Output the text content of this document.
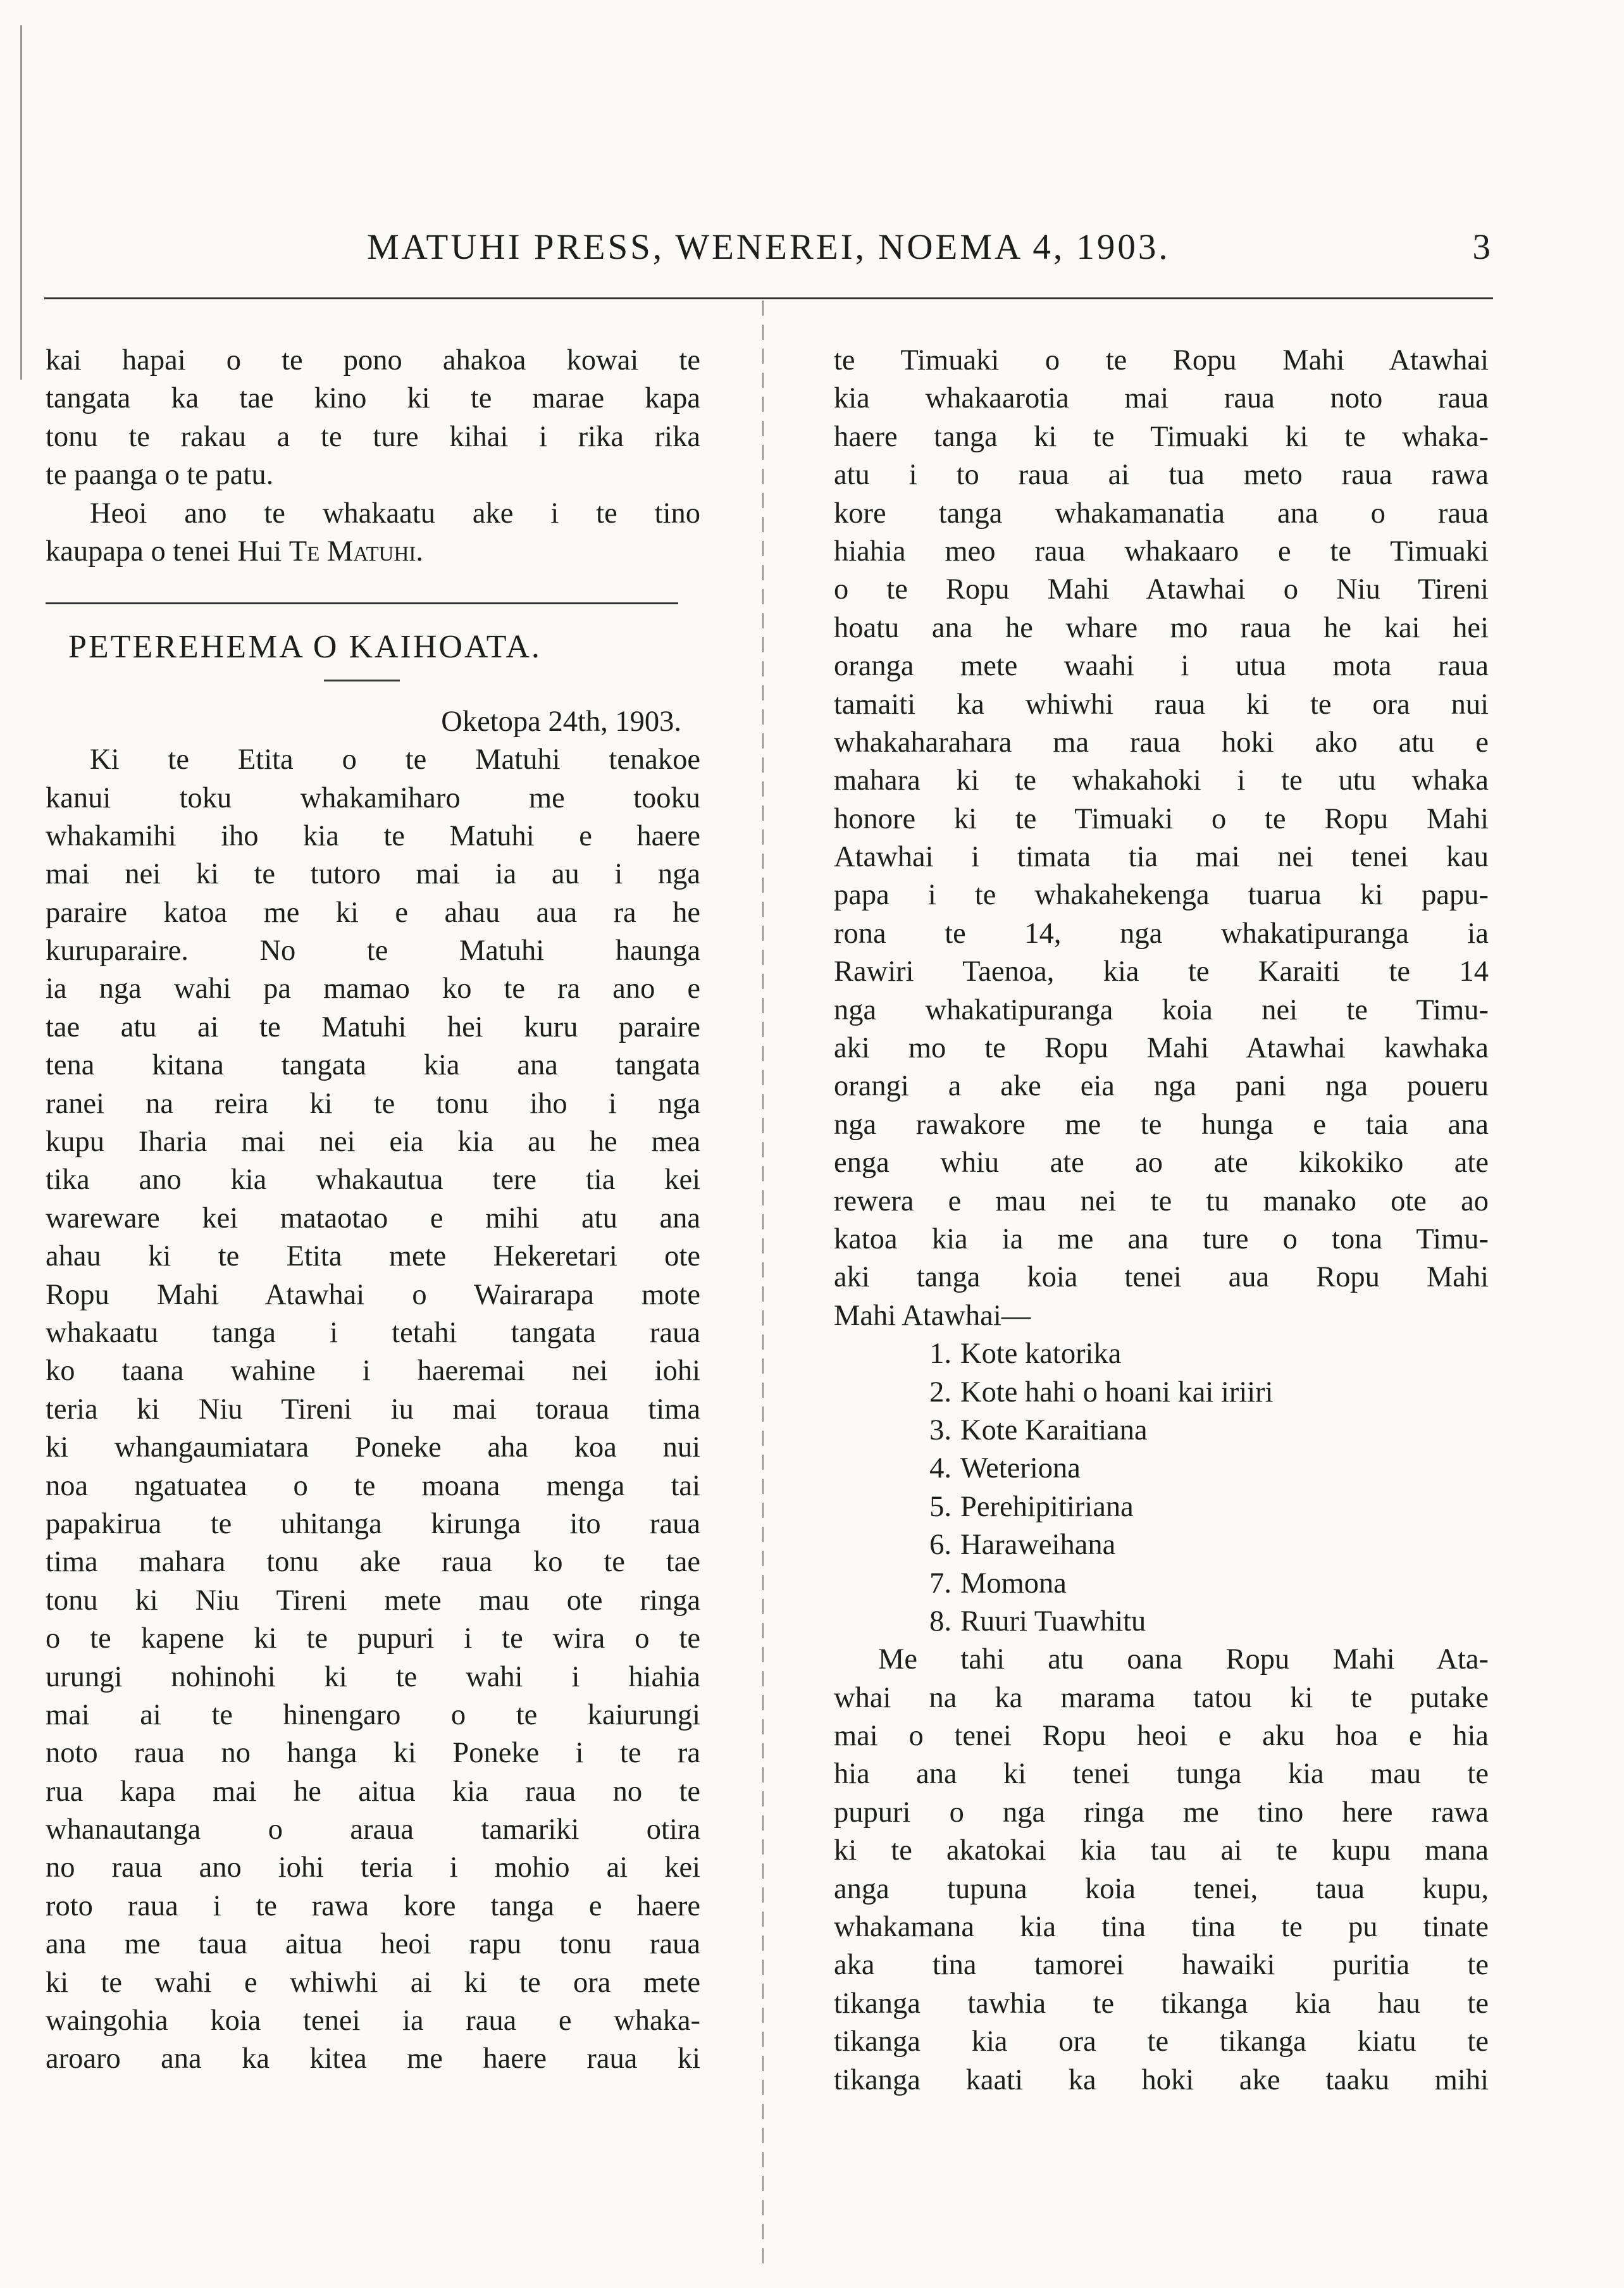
MATUHI PRESS, WENEREI, NOEMA 4, 1903.	3
kai hapai o te pono ahakoa kowai te
tangata ka tae kino ki te marae kapa
tonu te rakau a te ture kihai i rika rika
te paanga o te patu.
Heoi ano te whakaatu ake i te tino
kaupapa o tenei Hui Te Matuhi.
PETEREHEMA O KAIHOATA.
Oketopa 24th, 1903.
Ki te Etita o te Matuhi tenakoe
kanui toku whakamiharo me tooku
whakamihi iho kia te Matuhi e haere
mai nei ki te tutoro mai ia au i nga
paraire katoa me ki e ahau aua ra he
kuruparaire. No te Matuhi haunga
ia nga wahi pa mamao ko te ra ano e
tae atu ai te Matuhi hei kuru paraire
tena kitana tangata kia ana tangata
ranei na reira ki te tonu iho i nga
kupu Iharia mai nei eia kia au he mea
tika ano kia whakautua tere tia kei
wareware kei mataotao e mihi atu ana
ahau ki te Etita mete Hekeretari ote
Ropu Mahi Atawhai o Wairarapa mote
whakaatu tanga i tetahi tangata raua
ko taana wahine i haeremai nei iohi
teria ki Niu Tireni iu mai toraua tima
ki whangaumiatara Poneke aha koa nui
noa ngatuatea o te moana menga tai
papakirua te uhitanga kirunga ito raua
tima mahara tonu ake raua ko te tae
tonu ki Niu Tireni mete mau ote ringa
o te kapene ki te pupuri i te wira o te
urungi nohinohi ki te wahi i hiahia
mai ai te hinengaro o te kaiurungi
noto raua no hanga ki Poneke i te ra
rua kapa mai he aitua kia raua no te
whanautanga o araua tamariki otira
no raua ano iohi teria i mohio ai kei
roto raua i te rawa kore tanga e haere
ana me taua aitua heoi rapu tonu raua
ki te wahi e whiwhi ai ki te ora mete
waingohia koia tenei ia raua e whaka-
aroaro ana ka kitea me haere raua ki
te Timuaki o te Ropu Mahi Atawhai
kia whakaarotia mai raua noto raua
haere tanga ki te Timuaki ki te whaka-
atu i to raua ai tua meto raua rawa
kore tanga whakamanatia ana o raua
hiahia meo raua whakaaro e te Timuaki
o te Ropu Mahi Atawhai o Niu Tireni
hoatu ana he whare mo raua he kai hei
oranga mete waahi i utua mota raua
tamaiti ka whiwhi raua ki te ora nui
whakaharahara ma raua hoki ako atu e
mahara ki te whakahoki i te utu whaka
honore ki te Timuaki o te Ropu Mahi
Atawhai i timata tia mai nei tenei kau
papa i te whakahekenga tuarua ki papu-
rona te 14, nga whakatipuranga ia
Rawiri Taenoa, kia te Karaiti te 14
nga whakatipuranga koia nei te Timu-
aki mo te Ropu Mahi Atawhai kawhaka
orangi a ake eia nga pani nga poueru
nga rawakore me te hunga e taia ana
enga whiu ate ao ate kikokiko ate
rewera e mau nei te tu manako ote ao
katoa kia ia me ana ture o tona Timu-
aki tanga koia tenei aua Ropu Mahi
Mahi Atawhai—
1. Kote katorika
2. Kote hahi o hoani kai iriiri
3. Kote Karaitiana
4. Weteriona
5. Perehipitiriana
6. Haraweihana
7. Momona
8. Ruuri Tuawhitu
Me tahi atu oana Ropu Mahi Ata-
whai na ka marama tatou ki te putake
mai o tenei Ropu heoi e aku hoa e hia
hia ana ki tenei tunga kia mau te
pupuri o nga ringa me tino here rawa
ki te akatokai kia tau ai te kupu mana
anga tupuna koia tenei, taua kupu,
whakamana kia tina tina te pu tinate
aka tina tamorei hawaiki puritia te
tikanga tawhia te tikanga kia hau te
tikanga kia ora te tikanga kiatu te
tikanga kaati ka hoki ake taaku mihi
